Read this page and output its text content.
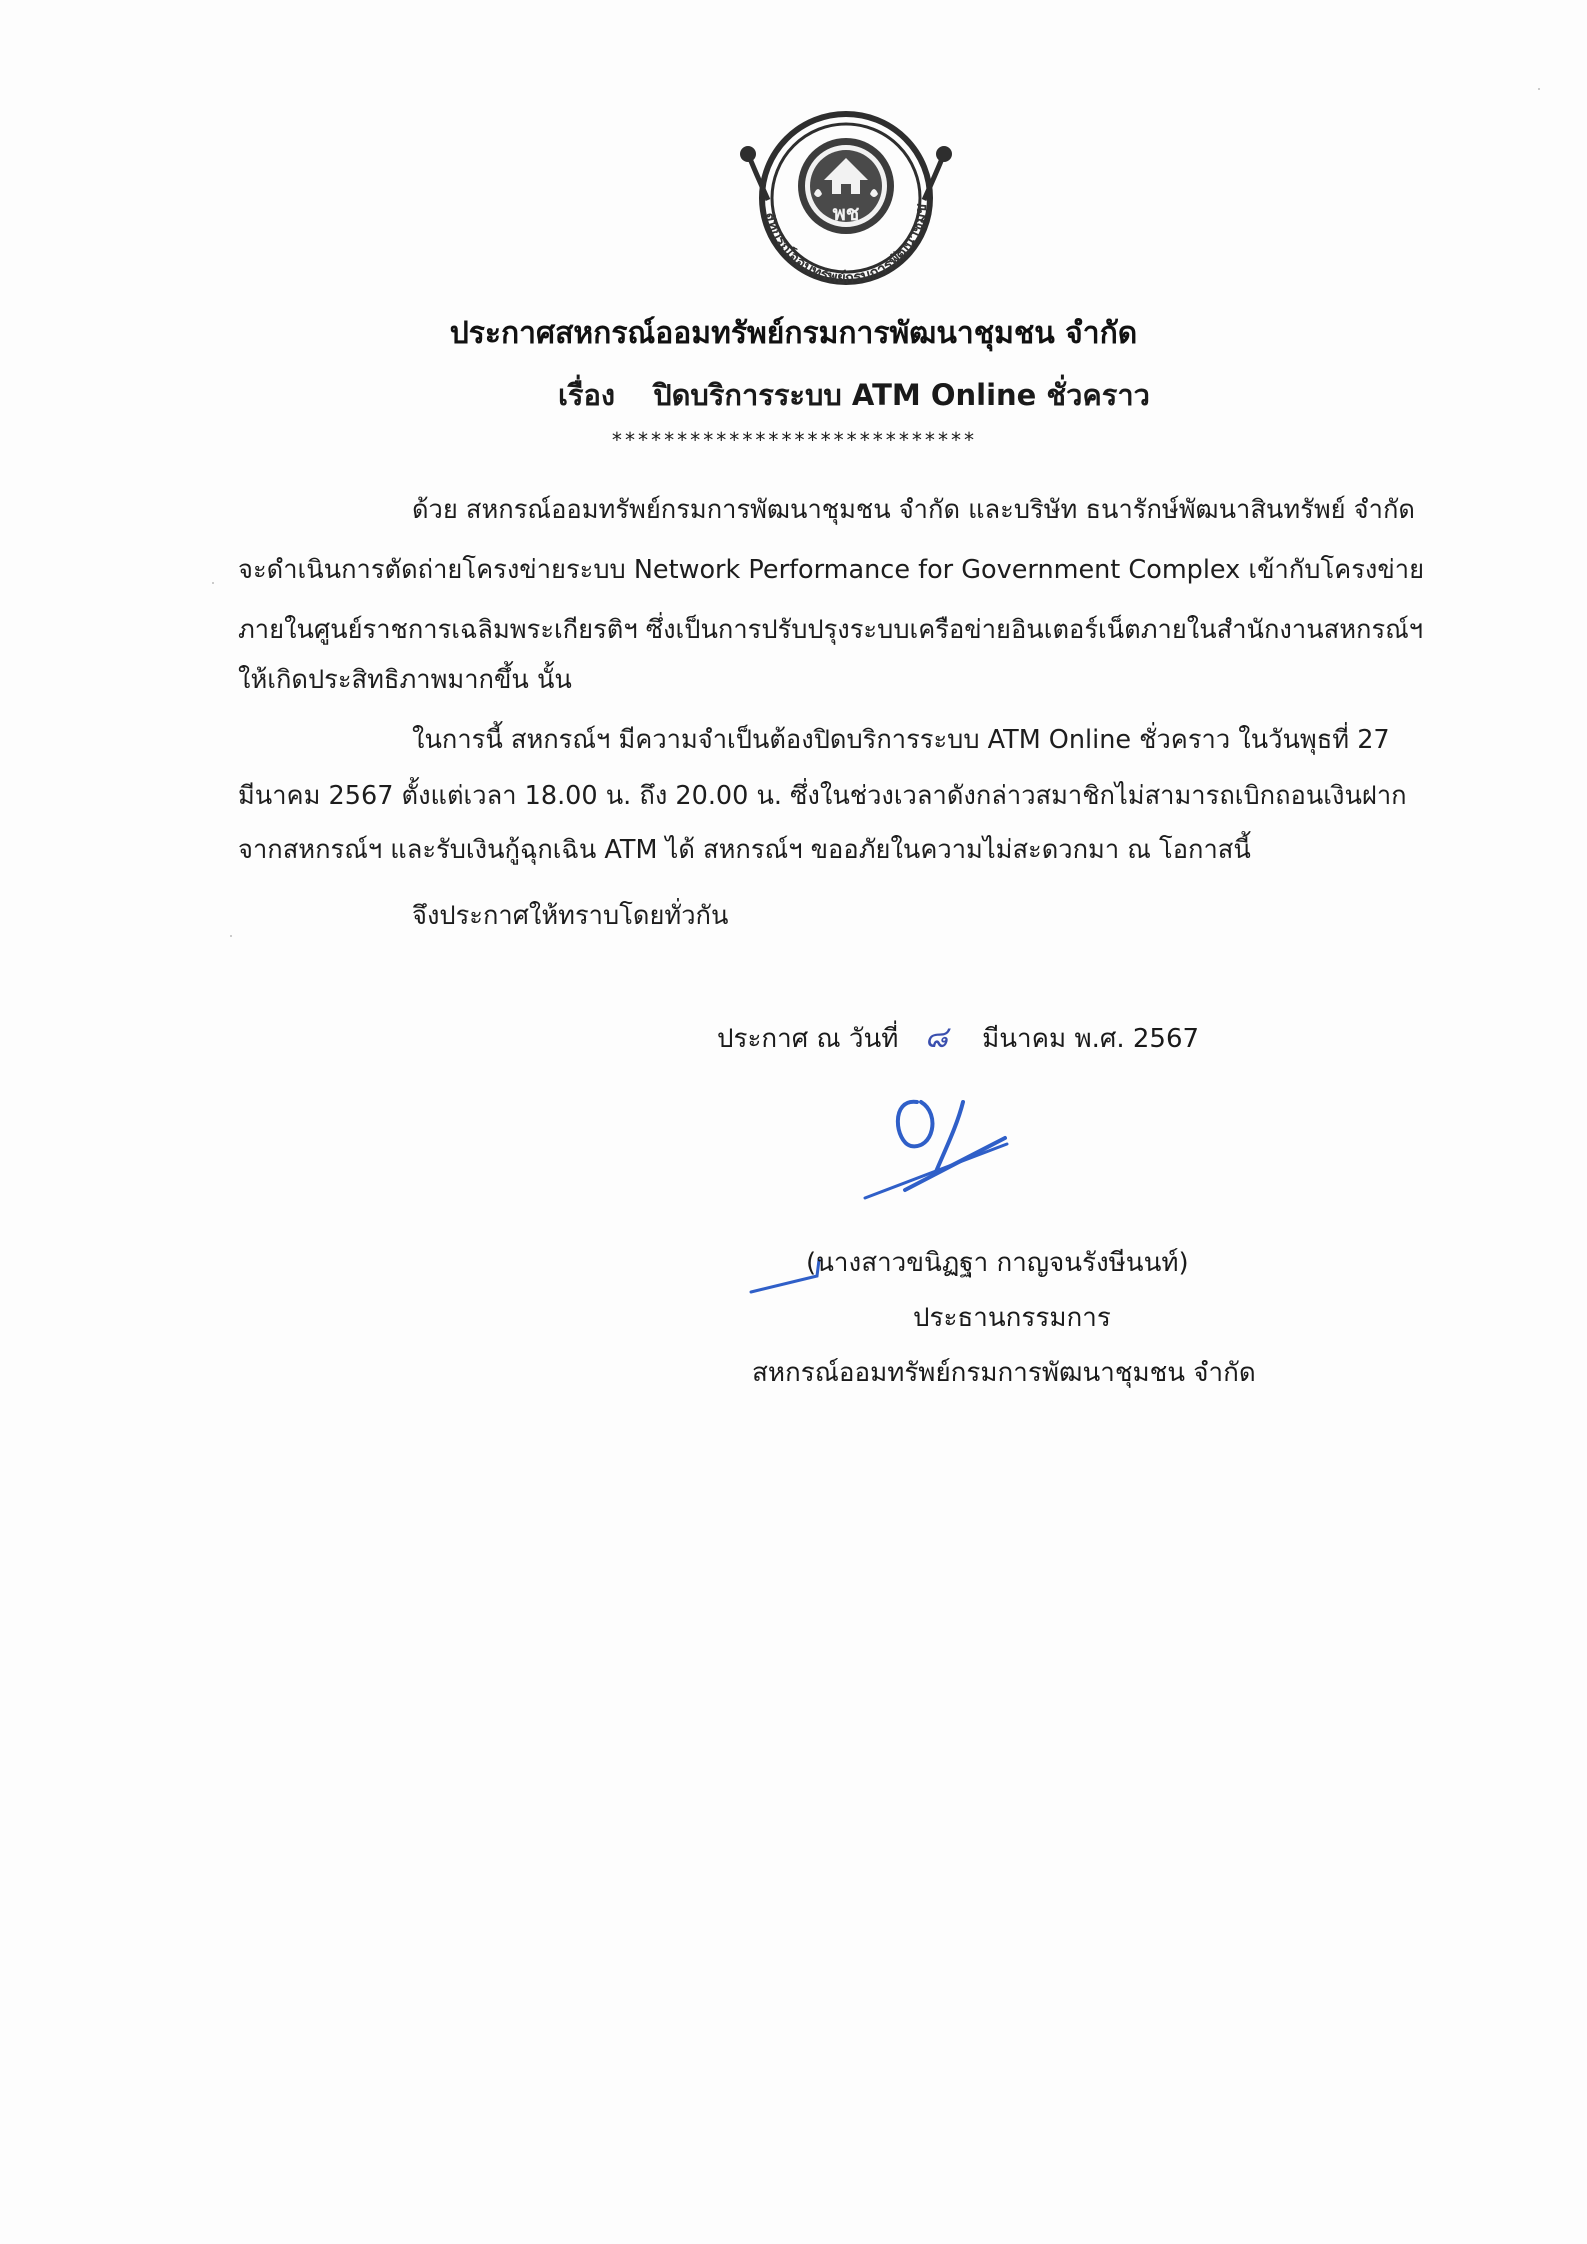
สหกรณ์ออมทรัพย์กรมการพัฒนาชุมช
พช
ประกาศสหกรณ์ออมทรัพย์กรมการพัฒนาชุมชน จำกัด
เรื่อง ปิดบริการระบบ ATM Online ชั่วคราว
****************************
ด้วย สหกรณ์ออมทรัพย์กรมการพัฒนาชุมชน จำกัด และบริษัท ธนารักษ์พัฒนาสินทรัพย์ จำกัด
จะดำเนินการตัดถ่ายโครงข่ายระบบ Network Performance for Government Complex เข้ากับโครงข่าย
ภายในศูนย์ราชการเฉลิมพระเกียรติฯ ซึ่งเป็นการปรับปรุงระบบเครือข่ายอินเตอร์เน็ตภายในสำนักงานสหกรณ์ฯ
ให้เกิดประสิทธิภาพมากขึ้น นั้น
ในการนี้ สหกรณ์ฯ มีความจำเป็นต้องปิดบริการระบบ ATM Online ชั่วคราว ในวันพุธที่ 27
มีนาคม 2567 ตั้งแต่เวลา 18.00 น. ถึง 20.00 น. ซึ่งในช่วงเวลาดังกล่าวสมาชิกไม่สามารถเบิกถอนเงินฝาก
จากสหกรณ์ฯ และรับเงินกู้ฉุกเฉิน ATM ได้ สหกรณ์ฯ ขออภัยในความไม่สะดวกมา ณ โอกาสนี้
จึงประกาศให้ทราบโดยทั่วกัน
ประกาศ ณ วันที่ ๘ มีนาคม พ.ศ. 2567
(นางสาวขนิฏฐา กาญจนรังษีนนท์)
ประธานกรรมการ
สหกรณ์ออมทรัพย์กรมการพัฒนาชุมชน จำกัด
